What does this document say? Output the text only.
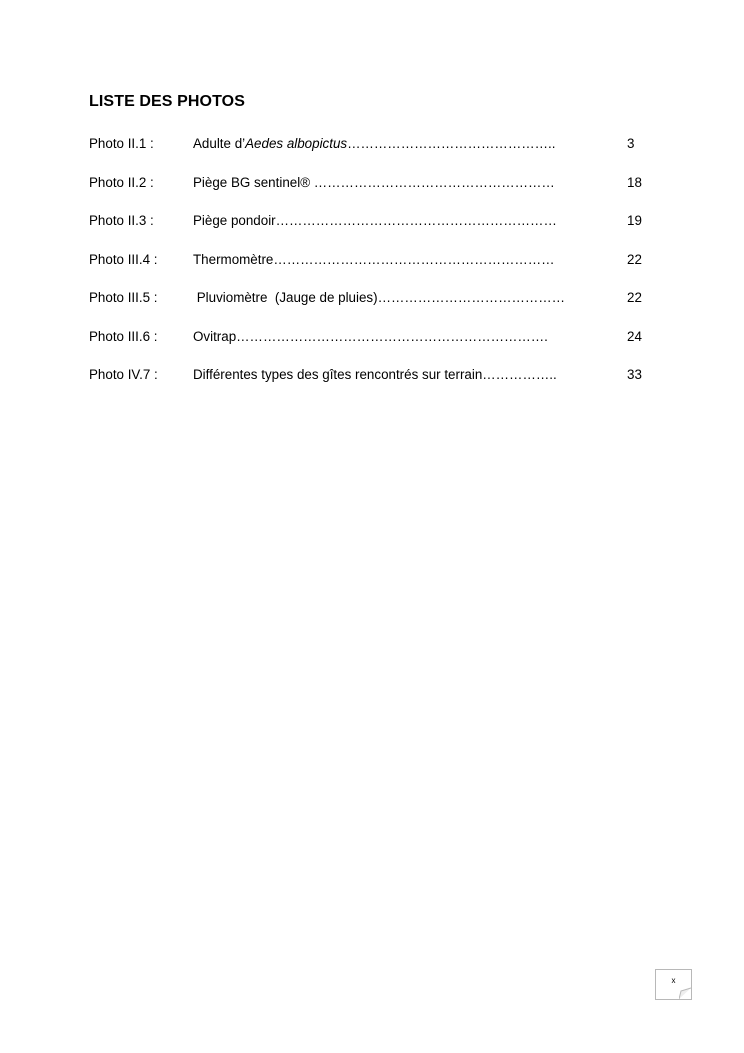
LISTE DES PHOTOS
Photo II.1 :	Adulte d’Aedes albopictus………………………………………..	3
Photo II.2 :	Piège BG sentinel® ………………………………………………	18
Photo II.3 :	Piège pondoir………………………………………………………	19
Photo III.4 :	Thermomètre………………………………………………………	22
Photo III.5 :	Pluviomètre  (Jauge de pluies)……………………………………	22
Photo III.6 :	Ovitrap…………………………………………………………….	24
Photo IV.7 :	Différentes types des gîtes rencontrés sur terrain……………..	33
x
